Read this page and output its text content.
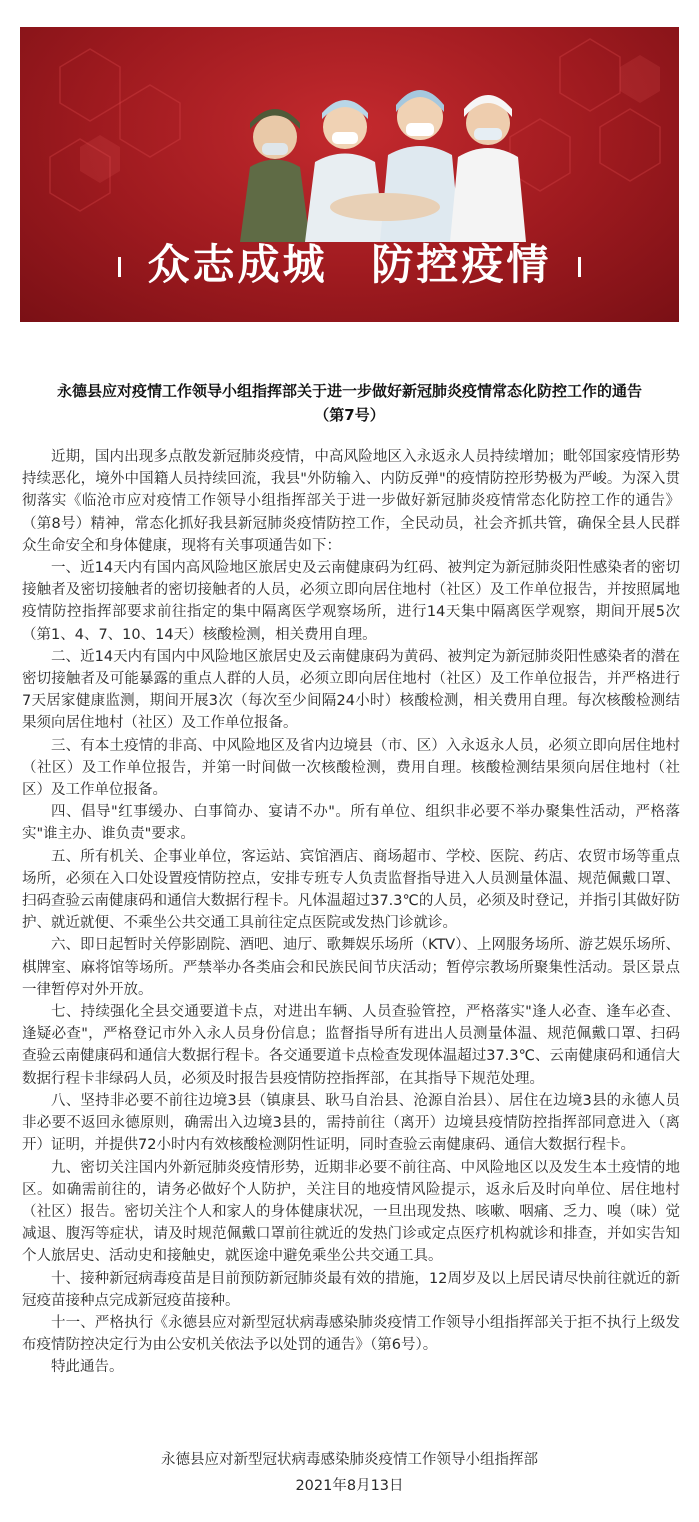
众志成城 防控疫情
永德县应对疫情工作领导小组指挥部关于进一步做好新冠肺炎疫情常态化防控工作的通告
（第7号）

近期，国内出现多点散发新冠肺炎疫情，中高风险地区入永返永人员持续增加；毗邻国家疫情形势持续恶化，境外中国籍人员持续回流，我县"外防输入、内防反弹"的疫情防控形势极为严峻。为深入贯彻落实《临沧市应对疫情工作领导小组指挥部关于进一步做好新冠肺炎疫情常态化防控工作的通告》（第8号）精神，常态化抓好我县新冠肺炎疫情防控工作，全民动员，社会齐抓共管，确保全县人民群众生命安全和身体健康，现将有关事项通告如下：

一、近14天内有国内高风险地区旅居史及云南健康码为红码、被判定为新冠肺炎阳性感染者的密切接触者及密切接触者的密切接触者的人员，必须立即向居住地村（社区）及工作单位报告，并按照属地疫情防控指挥部要求前往指定的集中隔离医学观察场所，进行14天集中隔离医学观察，期间开展5次（第1、4、7、10、14天）核酸检测，相关费用自理。

二、近14天内有国内中风险地区旅居史及云南健康码为黄码、被判定为新冠肺炎阳性感染者的潜在密切接触者及可能暴露的重点人群的人员，必须立即向居住地村（社区）及工作单位报告，并严格进行7天居家健康监测，期间开展3次（每次至少间隔24小时）核酸检测，相关费用自理。每次核酸检测结果须向居住地村（社区）及工作单位报备。

三、有本土疫情的非高、中风险地区及省内边境县（市、区）入永返永人员，必须立即向居住地村（社区）及工作单位报告，并第一时间做一次核酸检测，费用自理。核酸检测结果须向居住地村（社区）及工作单位报备。

四、倡导"红事缓办、白事简办、宴请不办"。所有单位、组织非必要不举办聚集性活动，严格落实"谁主办、谁负责"要求。

五、所有机关、企事业单位，客运站、宾馆酒店、商场超市、学校、医院、药店、农贸市场等重点场所，必须在入口处设置疫情防控点，安排专班专人负责监督指导进入人员测量体温、规范佩戴口罩、扫码查验云南健康码和通信大数据行程卡。凡体温超过37.3℃的人员，必须及时登记，并指引其做好防护、就近就便、不乘坐公共交通工具前往定点医院或发热门诊就诊。

六、即日起暂时关停影剧院、酒吧、迪厅、歌舞娱乐场所（KTV）、上网服务场所、游艺娱乐场所、棋牌室、麻将馆等场所。严禁举办各类庙会和民族民间节庆活动；暂停宗教场所聚集性活动。景区景点一律暂停对外开放。

七、持续强化全县交通要道卡点，对进出车辆、人员查验管控，严格落实"逢人必查、逢车必查、逢疑必查"，严格登记市外入永人员身份信息；监督指导所有进出人员测量体温、规范佩戴口罩、扫码查验云南健康码和通信大数据行程卡。各交通要道卡点检查发现体温超过37.3℃、云南健康码和通信大数据行程卡非绿码人员，必须及时报告县疫情防控指挥部，在其指导下规范处理。

八、坚持非必要不前往边境3县（镇康县、耿马自治县、沧源自治县）、居住在边境3县的永德人员非必要不返回永德原则，确需出入边境3县的，需持前往（离开）边境县疫情防控指挥部同意进入（离开）证明，并提供72小时内有效核酸检测阴性证明，同时查验云南健康码、通信大数据行程卡。

九、密切关注国内外新冠肺炎疫情形势，近期非必要不前往高、中风险地区以及发生本土疫情的地区。如确需前往的，请务必做好个人防护，关注目的地疫情风险提示，返永后及时向单位、居住地村（社区）报告。密切关注个人和家人的身体健康状况，一旦出现发热、咳嗽、咽痛、乏力、嗅（味）觉减退、腹泻等症状，请及时规范佩戴口罩前往就近的发热门诊或定点医疗机构就诊和排查，并如实告知个人旅居史、活动史和接触史，就医途中避免乘坐公共交通工具。

十、接种新冠病毒疫苗是目前预防新冠肺炎最有效的措施，12周岁及以上居民请尽快前往就近的新冠疫苗接种点完成新冠疫苗接种。

十一、严格执行《永德县应对新型冠状病毒感染肺炎疫情工作领导小组指挥部关于拒不执行上级发布疫情防控决定行为由公安机关依法予以处罚的通告》（第6号）。

特此通告。

永德县应对新型冠状病毒感染肺炎疫情工作领导小组指挥部
2021年8月13日
